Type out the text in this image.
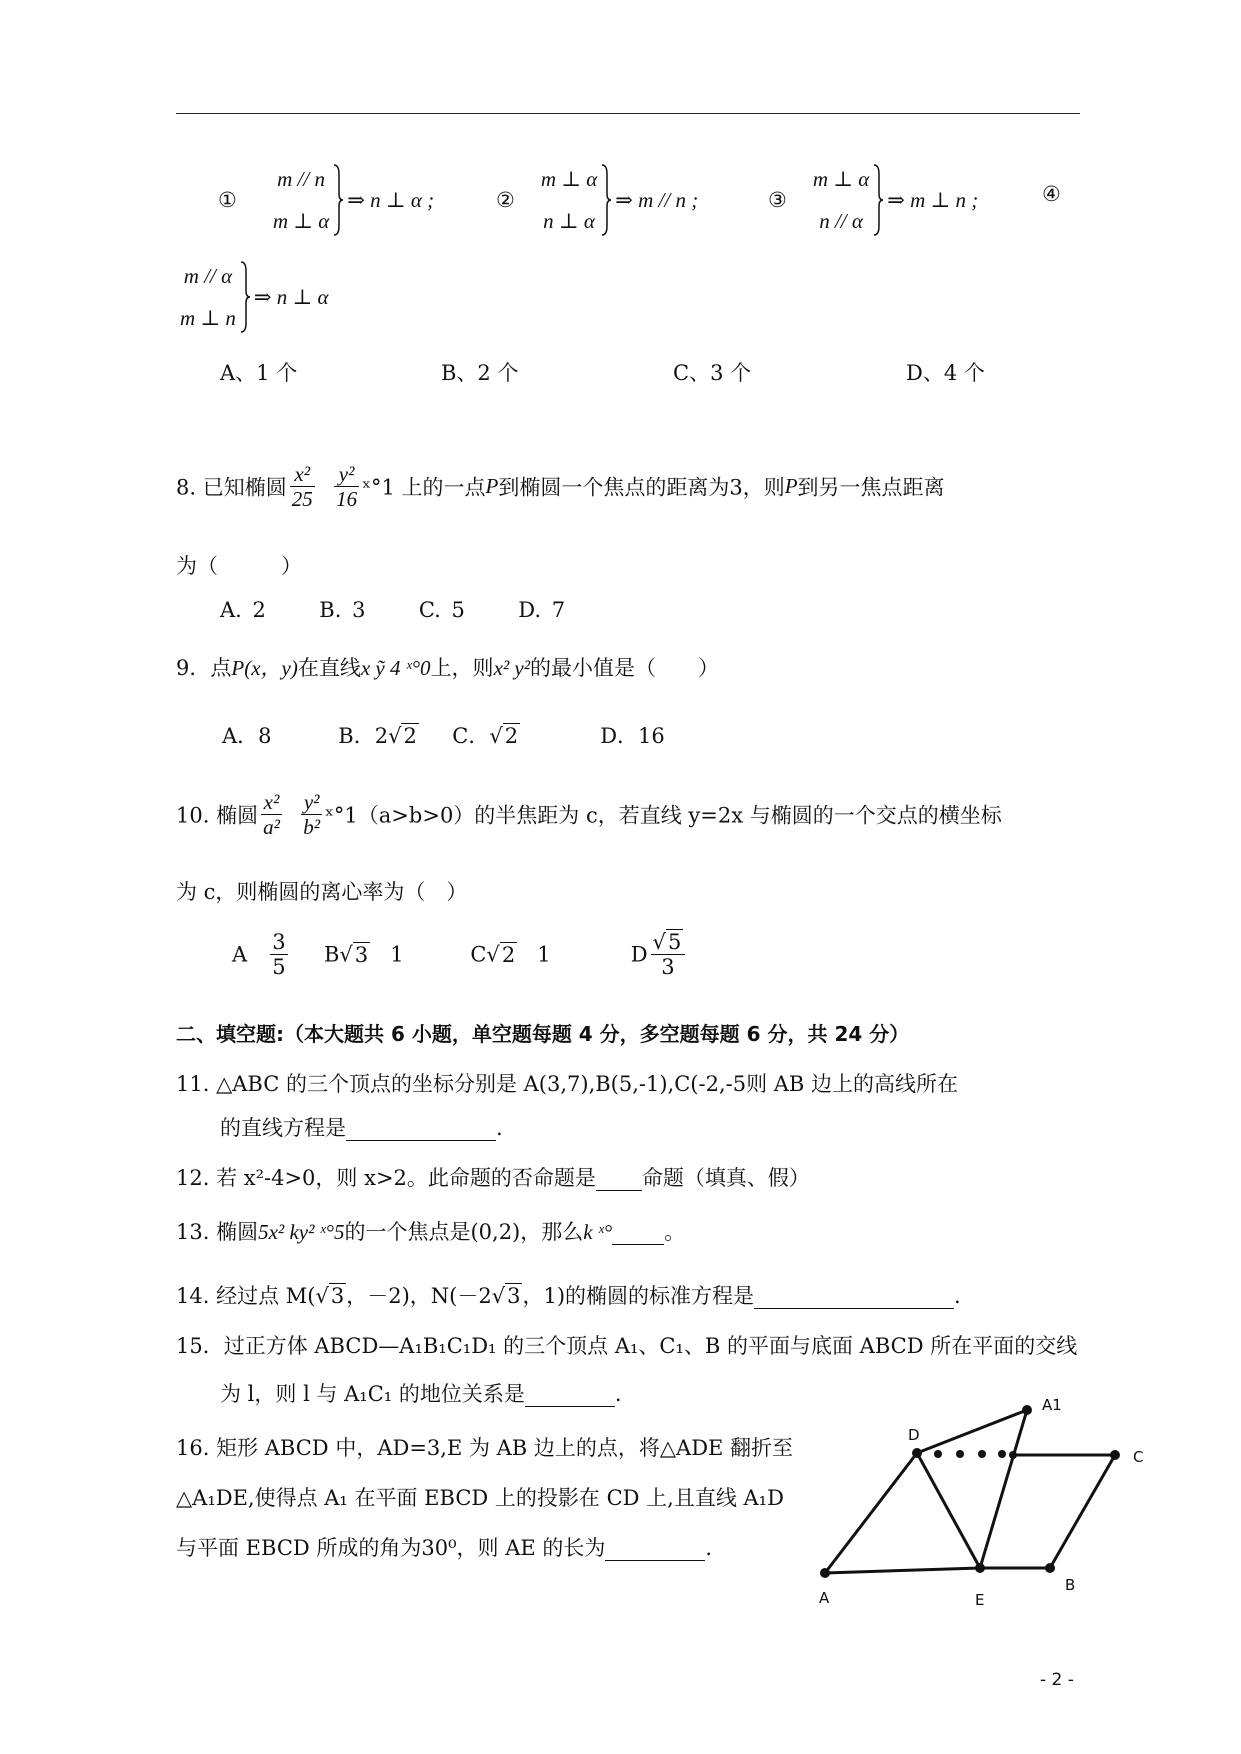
①m // n
m ⊥ α⇒ n ⊥ α ;	②m ⊥ α
n ⊥ α⇒ m // n ;	③m ⊥ α
n // α⇒ m ⊥ n ;	④
m // α
m ⊥ n⇒ n ⊥ α
A、1 个	B、2 个	C、3 个	D、4 个
8. 已知椭圆 $\frac{\text{x²}}{25}$
$\frac{\text{y²}}{16}$ ˣ°1 上的一点P到椭圆一个焦点的距离为3，则P到另一焦点距离
为（　　　）
A. 2	B. 3	C. 5	D. 7
9．点P(x，y)在直线x ỹ 4 ˣ°0上，则x² y²的最小值是（　　）
A．8	B．2√2 C．√2	D．16
10. 椭圆 $\frac{\text{x²}}{\text{a²}}$
$\frac{\text{y²}}{\text{b²}}$ ˣ°1（a>b>0）的半焦距为 c，若直线 y=2x 与椭圆的一个交点的横坐标
为 c，则椭圆的离心率为（　）
A $\frac{3}{5} B√3$ 1	C√2 1	D $\frac{√5}{3}$
二、填空题:（本大题共 6 小题，单空题每题 4 分，多空题每题 6 分，共 24 分）
11. △ABC 的三个顶点的坐标分别是 A(3,7),B(5,-1),C(-2,-5则 AB 边上的高线所在
的直线方程是	.
12. 若 x²-4>0，则 x>2。此命题的否命题是 命题（填真、假）
13. 椭圆5x² ky² ˣ°5的一个焦点是(0,2)，那么k ˣ° 。
14. 经过点 M(√3，－2)，N(－2√3，1)的椭圆的标准方程是	.
15．过正方体 ABCD—A₁B₁C₁D₁ 的三个顶点 A₁、C₁、B 的平面与底面 ABCD 所在平面的交线
为 l，则 l 与 A₁C₁ 的地位关系是	.
16. 矩形 ABCD 中，AD=3,E 为 AB 边上的点，将△ADE 翻折至
△A₁DE,使得点 A₁ 在平面 EBCD 上的投影在 CD 上,且直线 A₁D
与平面 EBCD 所成的角为30⁰，则 AE 的长为	.
A
D
E
B
C
A1
- 2 -
